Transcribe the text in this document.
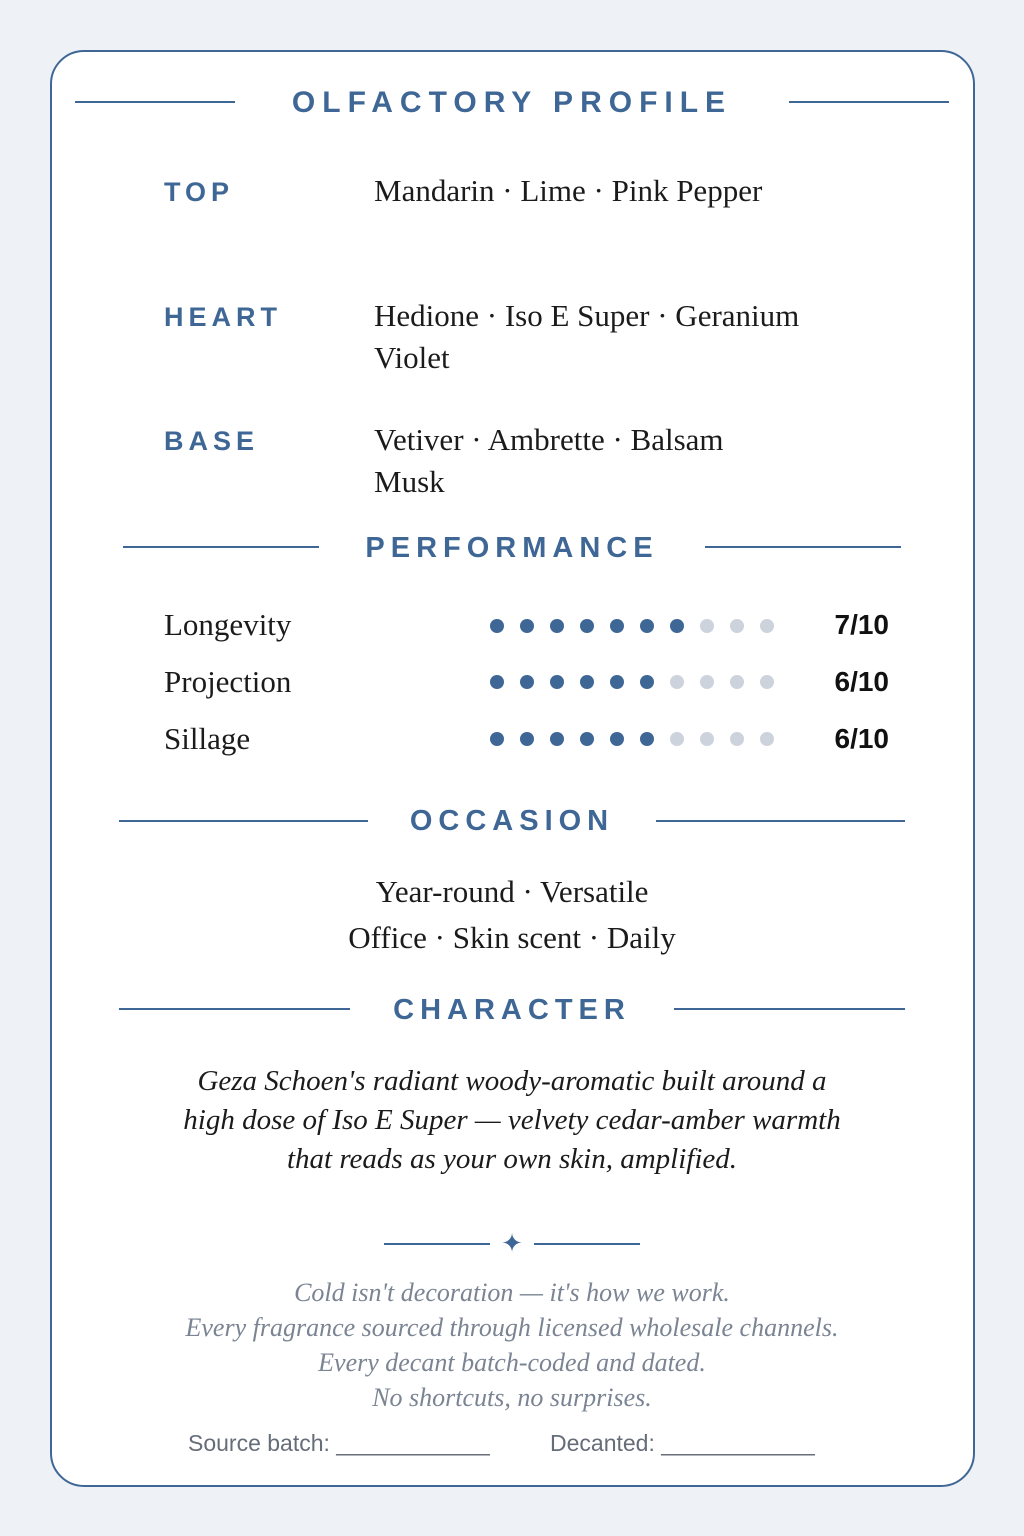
OLFACTORY PROFILE
TOP	Mandarin · Lime · Pink Pepper
HEART	Hedione · Iso E Super · Geranium
Violet
BASE	Vetiver · Ambrette · Balsam
Musk
PERFORMANCE
Longevity	7/10
Projection	6/10
Sillage	6/10
OCCASION
Year-round · Versatile
Office · Skin scent · Daily
CHARACTER
Geza Schoen's radiant woody-aromatic built around a
high dose of Iso E Super — velvety cedar-amber warmth
that reads as your own skin, amplified.
✦
Cold isn't decoration — it's how we work.
Every fragrance sourced through licensed wholesale channels.
Every decant batch-coded and dated.
No shortcuts, no surprises.
Source batch: ____________	Decanted: ____________
